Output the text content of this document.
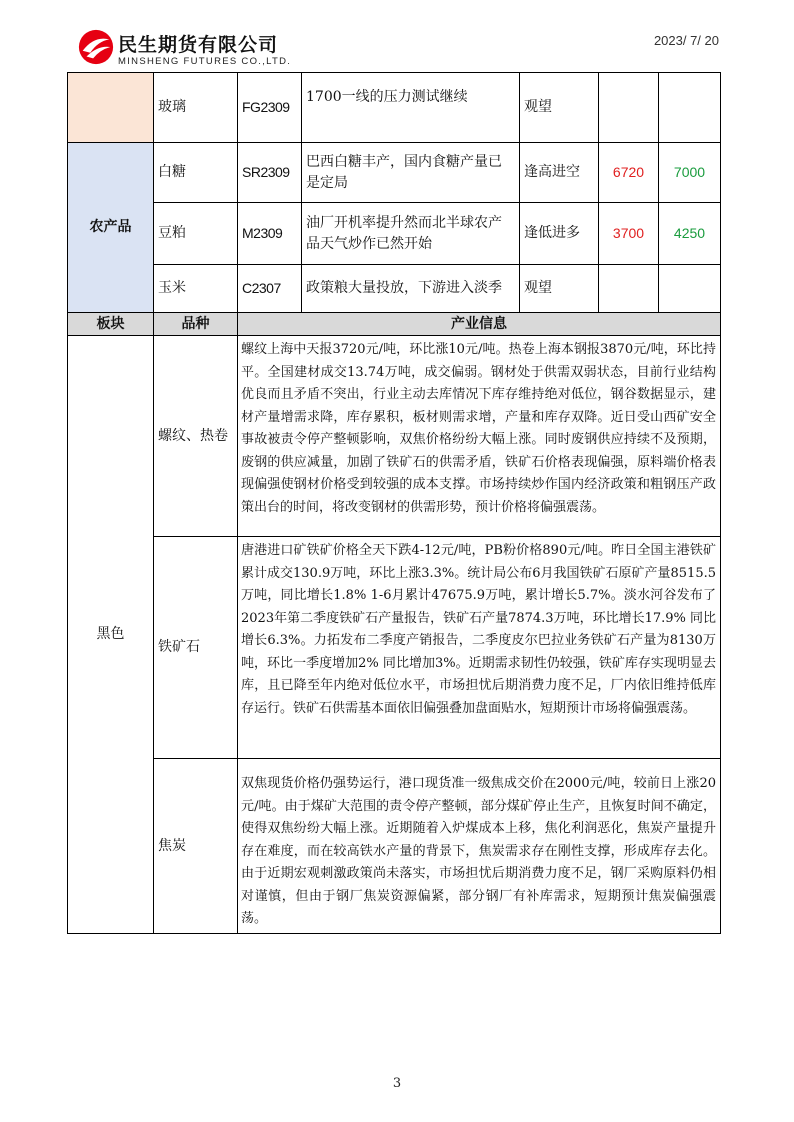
民生期货有限公司
MINSHENG FUTURES CO.,LTD.
2023/ 7/ 20
	玻璃	FG2309	1700一线的压力测试继续	观望		
农产品	白糖	SR2309	巴西白糖丰产，国内食糖产量已是定局	逢高进空	6720	7000
	豆粕	M2309	油厂开机率提升然而北半球农产品天气炒作已然开始	逢低进多	3700	4250
	玉米	C2307	政策粮大量投放，下游进入淡季	观望		
板块	品种	产业信息				
黑色	螺纹、热卷	螺纹上海中天报3720元/吨，环比涨10元/吨。热卷上海本钢报3870元/吨，环比持平。全国建材成交13.74万吨，成交偏弱。钢材处于供需双弱状态，目前行业结构优良而且矛盾不突出，行业主动去库情况下库存维持绝对低位，钢谷数据显示，建材产量增需求降，库存累积，板材则需求增，产量和库存双降。近日受山西矿安全事故被责令停产整顿影响，双焦价格纷纷大幅上涨。同时废钢供应持续不及预期，废钢的供应减量，加剧了铁矿石的供需矛盾，铁矿石价格表现偏强，原料端价格表现偏强使钢材价格受到较强的成本支撑。市场持续炒作国内经济政策和粗钢压产政策出台的时间，将改变钢材的供需形势，预计价格将偏强震荡。				
	铁矿石	唐港进口矿铁矿价格全天下跌4-12元/吨，PB粉价格890元/吨。昨日全国主港铁矿累计成交130.9万吨，环比上涨3.3%。统计局公布6月我国铁矿石原矿产量8515.5万吨，同比增长1.8% 1-6月累计47675.9万吨，累计增长5.7%。淡水河谷发布了2023年第二季度铁矿石产量报告，铁矿石产量7874.3万吨，环比增长17.9% 同比增长6.3%。力拓发布二季度产销报告，二季度皮尔巴拉业务铁矿石产量为8130万吨，环比一季度增加2% 同比增加3%。近期需求韧性仍较强，铁矿库存实现明显去库，且已降至年内绝对低位水平，市场担忧后期消费力度不足，厂内依旧维持低库存运行。铁矿石供需基本面依旧偏强叠加盘面贴水，短期预计市场将偏强震荡。				
	焦炭	双焦现货价格仍强势运行，港口现货准一级焦成交价在2000元/吨，较前日上涨20元/吨。由于煤矿大范围的责令停产整顿，部分煤矿停止生产，且恢复时间不确定，使得双焦纷纷大幅上涨。近期随着入炉煤成本上移，焦化利润恶化，焦炭产量提升存在难度，而在较高铁水产量的背景下，焦炭需求存在刚性支撑，形成库存去化。由于近期宏观刺激政策尚未落实，市场担忧后期消费力度不足，钢厂采购原料仍相对谨慎，但由于钢厂焦炭资源偏紧，部分钢厂有补库需求，短期预计焦炭偏强震荡。				
3
